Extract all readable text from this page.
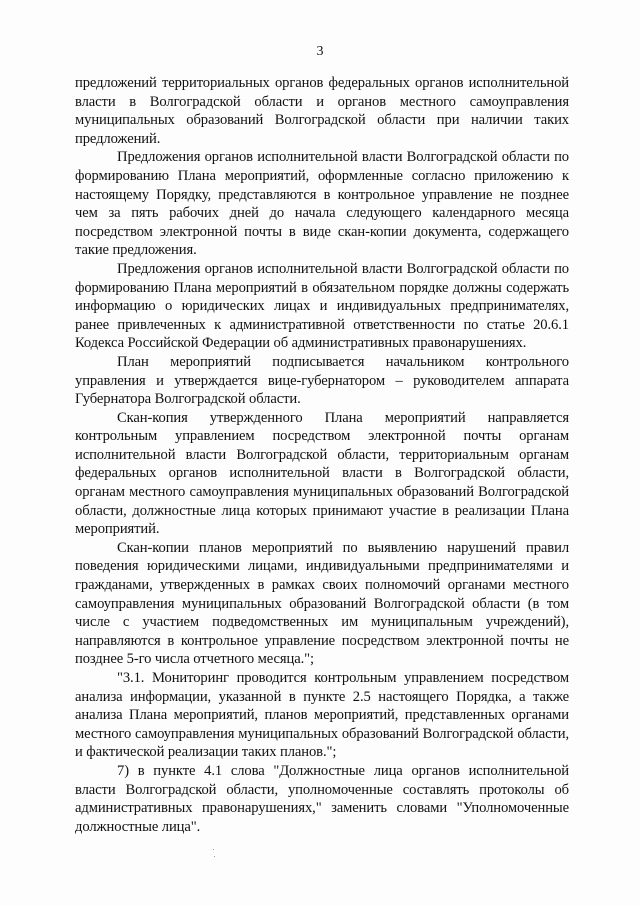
3

предложений территориальных органов федеральных органов исполнительной власти в Волгоградской области и органов местного самоуправления муниципальных образований Волгоградской области при наличии таких предложений.

Предложения органов исполнительной власти Волгоградской области по формированию Плана мероприятий, оформленные согласно приложению к настоящему Порядку, представляются в контрольное управление не позднее чем за пять рабочих дней до начала следующего календарного месяца посредством электронной почты в виде скан-копии документа, содержащего такие предложения.

Предложения органов исполнительной власти Волгоградской области по формированию Плана мероприятий в обязательном порядке должны содержать информацию о юридических лицах и индивидуальных предпринимателях, ранее привлеченных к административной ответственности по статье 20.6.1 Кодекса Российской Федерации об административных правонарушениях.

План мероприятий подписывается начальником контрольного управления и утверждается вице-губернатором – руководителем аппарата Губернатора Волгоградской области.

Скан-копия утвержденного Плана мероприятий направляется контрольным управлением посредством электронной почты органам исполнительной власти Волгоградской области, территориальным органам федеральных органов исполнительной власти в Волгоградской области, органам местного самоуправления муниципальных образований Волгоградской области, должностные лица которых принимают участие в реализации Плана мероприятий.

Скан-копии планов мероприятий по выявлению нарушений правил поведения юридическими лицами, индивидуальными предпринимателями и гражданами, утвержденных в рамках своих полномочий органами местного самоуправления муниципальных образований Волгоградской области (в том числе с участием подведомственных им муниципальным учреждений), направляются в контрольное управление посредством электронной почты не позднее 5-го числа отчетного месяца.";

"3.1. Мониторинг проводится контрольным управлением посредством анализа информации, указанной в пункте 2.5 настоящего Порядка, а также анализа Плана мероприятий, планов мероприятий, представленных органами местного самоуправления муниципальных образований Волгоградской области, и фактической реализации таких планов.";

7) в пункте 4.1 слова "Должностные лица органов исполнительной власти Волгоградской области, уполномоченные составлять протоколы об административных правонарушениях," заменить словами "Уполномоченные должностные лица".
